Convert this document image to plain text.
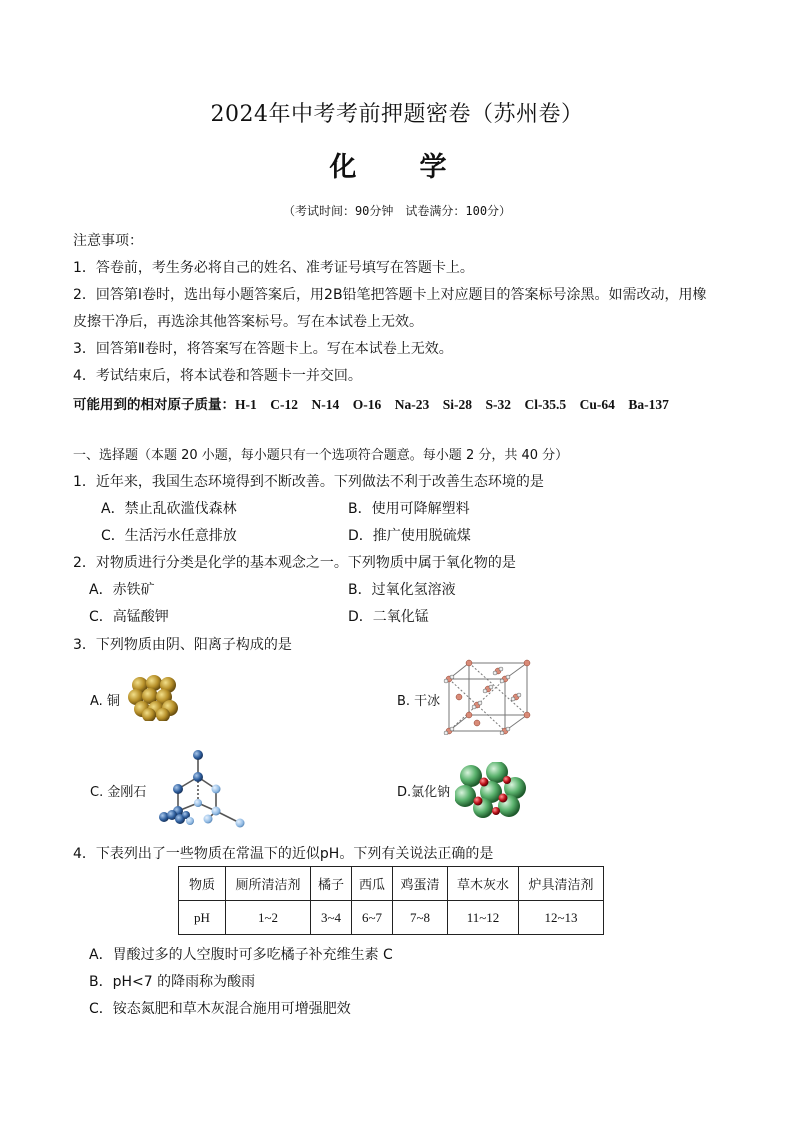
2024年中考考前押题密卷（苏州卷）
化　学
（考试时间：90分钟　试卷满分：100分）
注意事项：
1．答卷前，考生务必将自己的姓名、准考证号填写在答题卡上。
2．回答第Ⅰ卷时，选出每小题答案后，用2B铅笔把答题卡上对应题目的答案标号涂黑。如需改动，用橡
皮擦干净后，再选涂其他答案标号。写在本试卷上无效。
3．回答第Ⅱ卷时，将答案写在答题卡上。写在本试卷上无效。
4．考试结束后，将本试卷和答题卡一并交回。
可能用到的相对原子质量：H-1　C-12　N-14　O-16　Na-23　Si-28　S-32　Cl-35.5　Cu-64　Ba-137
一、选择题（本题 20 小题，每小题只有一个选项符合题意。每小题 2 分，共 40 分）
1．近年来，我国生态环境得到不断改善。下列做法不利于改善生态环境的是
A．禁止乱砍滥伐森林	B．使用可降解塑料
C．生活污水任意排放	D．推广使用脱硫煤
2．对物质进行分类是化学的基本观念之一。下列物质中属于氧化物的是
A．赤铁矿	B．过氧化氢溶液
C．高锰酸钾	D．二氧化锰
3．下列物质由阴、阳离子构成的是
A. 铜	B. 干冰
C. 金刚石	D.氯化钠
4．下表列出了一些物质在常温下的近似pH。下列有关说法正确的是
物质	厕所清洁剂	橘子	西瓜	鸡蛋清	草木灰水	炉具清洁剂
pH	1~2	3~4	6~7	7~8	11~12	12~13
A．胃酸过多的人空腹时可多吃橘子补充维生素 C
B．pH<7 的降雨称为酸雨
C．铵态氮肥和草木灰混合施用可增强肥效
